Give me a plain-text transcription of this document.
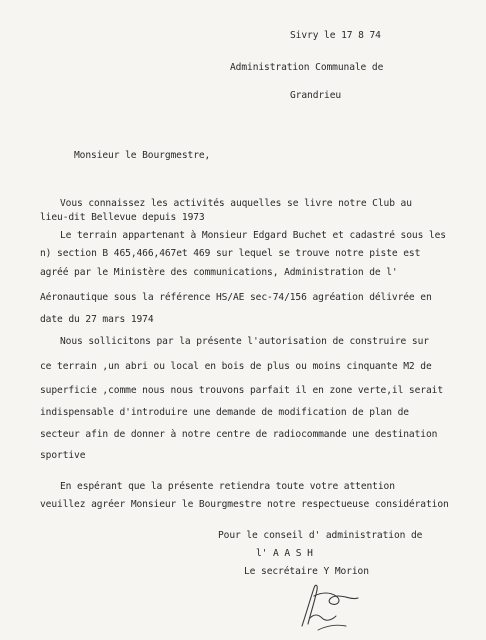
Sivry le 17 8 74
Administration Communale de
Grandrieu
Monsieur le Bourgmestre,
Vous connaissez les activités auquelles se livre notre Club au
lieu-dit Bellevue depuis 1973
Le terrain appartenant à Monsieur Edgard Buchet et cadastré sous les
n) section B 465,466,467et 469 sur lequel se trouve notre piste est
agréé par le Ministère des communications, Administration de l'
Aéronautique sous la référence HS/AE sec-74/156 agréation délivrée en
date du 27 mars 1974
Nous sollicitons par la présente l'autorisation de construire sur
ce terrain ,un abri ou local en bois de plus ou moins cinquante M2 de
superficie ,comme nous nous trouvons parfait il en zone verte,il serait
indispensable d'introduire une demande de modification de plan de
secteur afin de donner à notre centre de radiocommande une destination
sportive
En espérant que la présente retiendra toute votre attention
veuillez agréer Monsieur le Bourgmestre notre respectueuse considération
Pour le conseil d' administration de
l' A A S H
Le secrétaire Y Morion
